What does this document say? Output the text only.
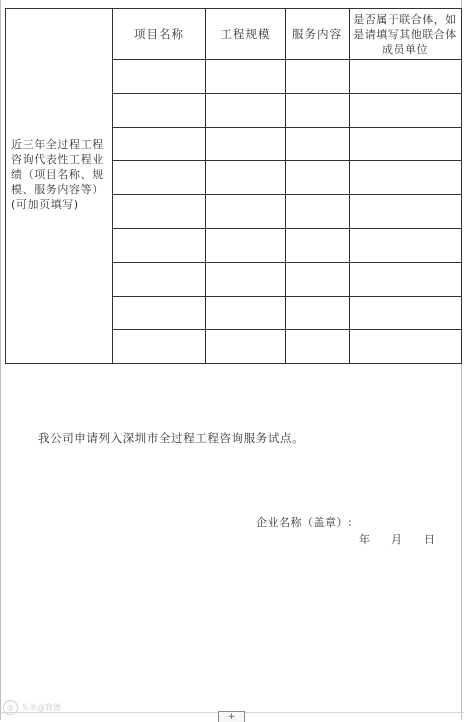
项目名称	工程规模	服务内容
是否属于联合体，如是请填写其他联合体成员单位
近三年全过程工程咨询代表性工程业绩（项目名称、规模、服务内容等）(可加页填写)
我公司申请列入深圳市全过程工程咨询服务试点。
企业名称（盖章）:
年 月 日
◎ 头条@我德
+
